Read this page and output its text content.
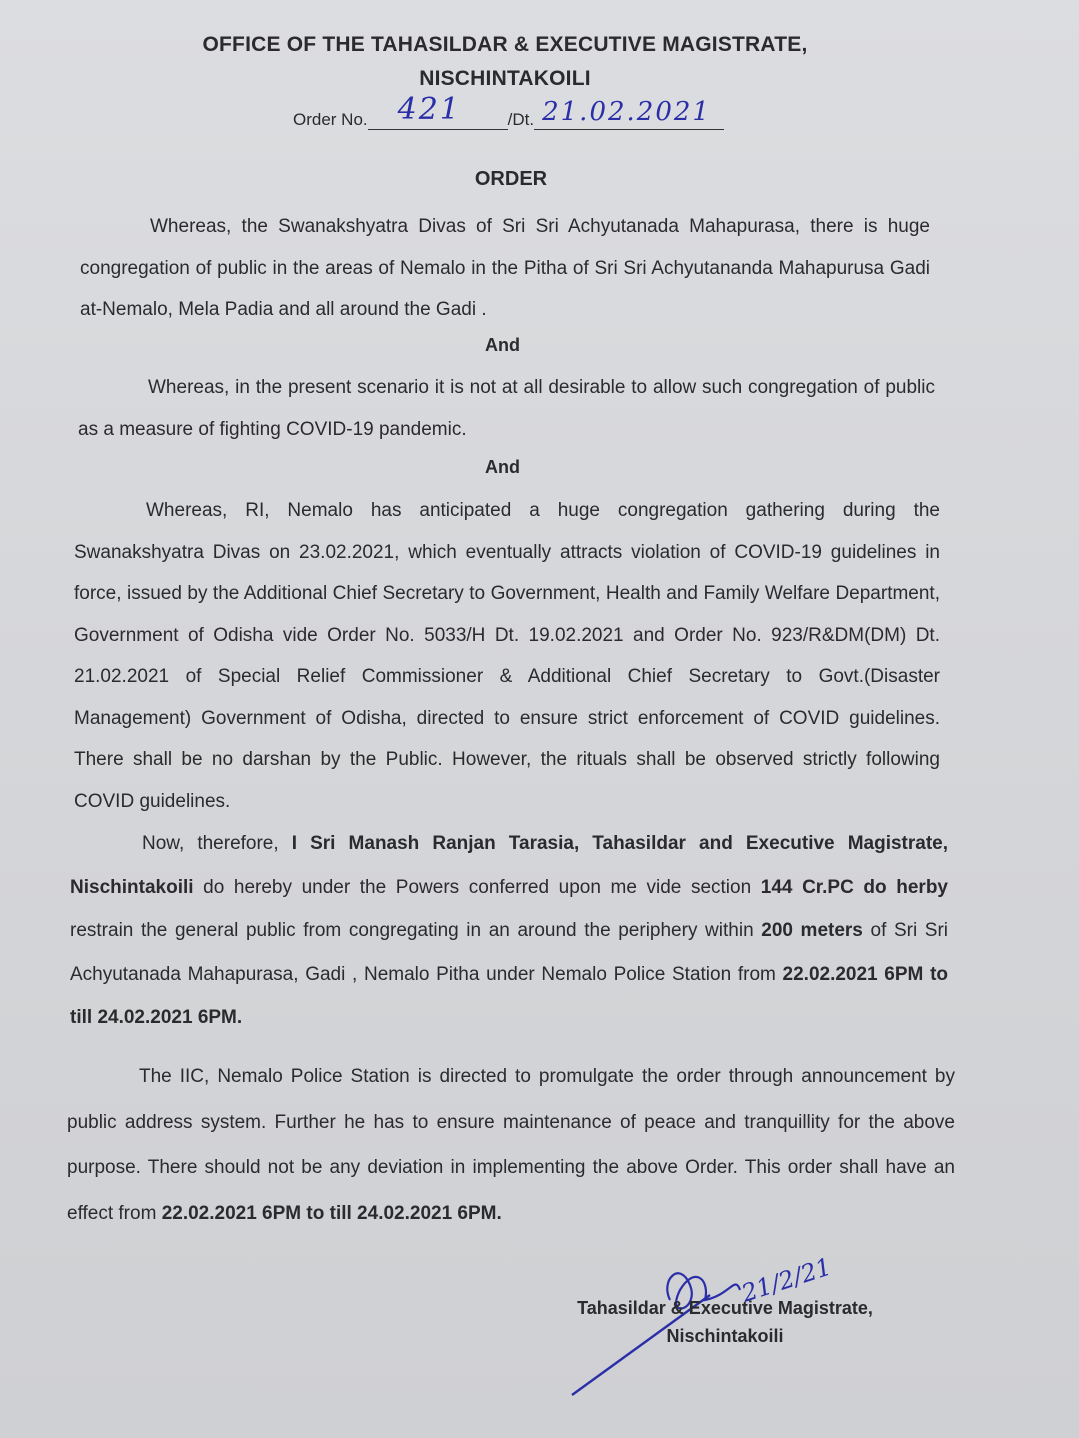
OFFICE OF THE TAHASILDAR & EXECUTIVE MAGISTRATE,
NISCHINTAKOILI
Order No. 421	/Dt. 21.02.2021
ORDER
Whereas, the Swanakshyatra Divas of Sri Sri Achyutanada Mahapurasa, there is huge congregation of public in the areas of Nemalo in the Pitha of Sri Sri Achyutananda Mahapurusa Gadi at-Nemalo, Mela Padia and all around the Gadi .
And
Whereas, in the present scenario it is not at all desirable to allow such congregation of public as a measure of fighting COVID-19 pandemic.
And
Whereas, RI, Nemalo has anticipated a huge congregation gathering during the Swanakshyatra Divas on 23.02.2021, which eventually attracts violation of COVID-19 guidelines in force, issued by the Additional Chief Secretary to Government, Health and Family Welfare Department, Government of Odisha vide Order No. 5033/H Dt. 19.02.2021 and Order No. 923/R&DM(DM) Dt. 21.02.2021 of Special Relief Commissioner & Additional Chief Secretary to Govt.(Disaster Management) Government of Odisha, directed to ensure strict enforcement of COVID guidelines. There shall be no darshan by the Public. However, the rituals shall be observed strictly following COVID guidelines.
Now, therefore, I Sri Manash Ranjan Tarasia, Tahasildar and Executive Magistrate, Nischintakoili do hereby under the Powers conferred upon me vide section 144 Cr.PC do herby restrain the general public from congregating in an around the periphery within 200 meters of Sri Sri Achyutanada Mahapurasa, Gadi , Nemalo Pitha under Nemalo Police Station from 22.02.2021 6PM to till 24.02.2021 6PM.
The IIC, Nemalo Police Station is directed to promulgate the order through announcement by public address system. Further he has to ensure maintenance of peace and tranquillity for the above purpose. There should not be any deviation in implementing the above Order. This order shall have an effect from 22.02.2021 6PM to till 24.02.2021 6PM.
21/2/21
Tahasildar & Executive Magistrate,
Nischintakoili
